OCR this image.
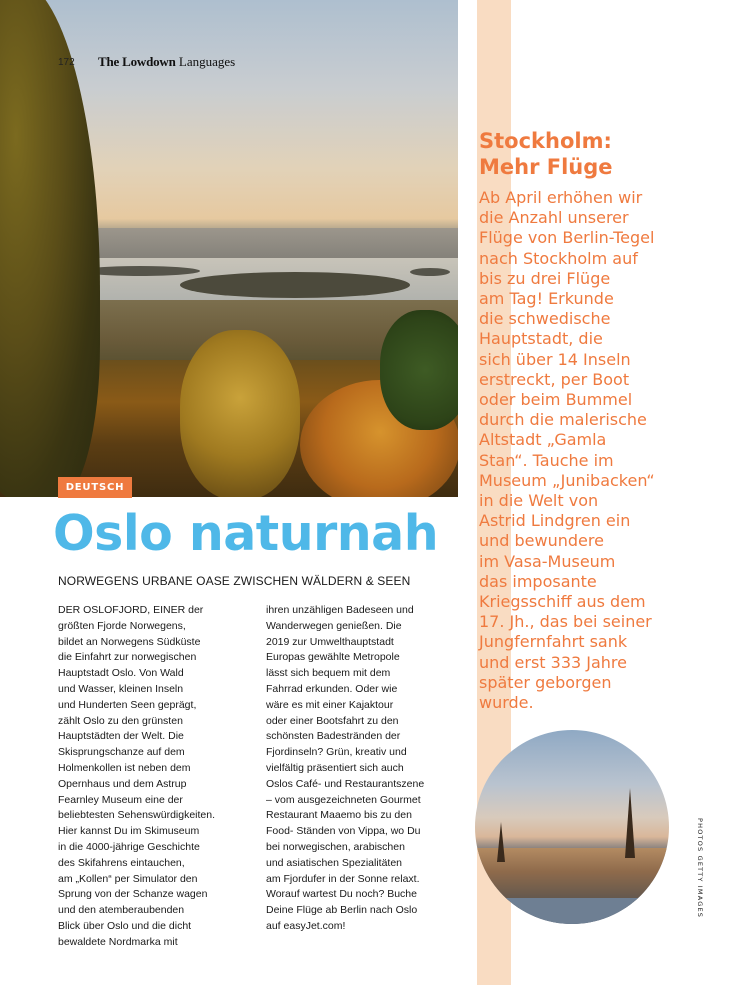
172 The Lowdown Languages
DEUTSCH
Oslo naturnah
NORWEGENS URBANE OASE ZWISCHEN WÄLDERN & SEEN
DER OSLOFJORD, EINER der
größten Fjorde Norwegens,
bildet an Norwegens Südküste
die Einfahrt zur norwegischen
Hauptstadt Oslo. Von Wald
und Wasser, kleinen Inseln
und Hunderten Seen geprägt,
zählt Oslo zu den grünsten
Hauptstädten der Welt. Die
Skisprungschanze auf dem
Holmenkollen ist neben dem
Opernhaus und dem Astrup
Fearnley Museum eine der
beliebtesten Sehenswürdigkeiten.
Hier kannst Du im Skimuseum
in die 4000-jährige Geschichte
des Skifahrens eintauchen,
am „Kollen“ per Simulator den
Sprung von der Schanze wagen
und den atemberaubenden
Blick über Oslo und die dicht
bewaldete Nordmarka mit
ihren unzähligen Badeseen und
Wanderwegen genießen. Die
2019 zur Umwelthauptstadt
Europas gewählte Metropole
lässt sich bequem mit dem
Fahrrad erkunden. Oder wie
wäre es mit einer Kajaktour
oder einer Bootsfahrt zu den
schönsten Badestränden der
Fjordinseln? Grün, kreativ und
vielfältig präsentiert sich auch
Oslos Café- und Restaurantszene
– vom ausgezeichneten Gourmet
Restaurant Maaemo bis zu den
Food- Ständen von Vippa, wo Du
bei norwegischen, arabischen
und asiatischen Spezialitäten
am Fjordufer in der Sonne relaxt.
Worauf wartest Du noch? Buche
Deine Flüge ab Berlin nach Oslo
auf easyJet.com!
Stockholm:
Mehr Flüge
Ab April erhöhen wir
die Anzahl unserer
Flüge von Berlin-Tegel
nach Stockholm auf
bis zu drei Flüge
am Tag! Erkunde
die schwedische
Hauptstadt, die
sich über 14 Inseln
erstreckt, per Boot
oder beim Bummel
durch die malerische
Altstadt „Gamla
Stan“. Tauche im
Museum „Junibacken“
in die Welt von
Astrid Lindgren ein
und bewundere
im Vasa-Museum
das imposante
Kriegsschiff aus dem
17. Jh., das bei seiner
Jungfernfahrt sank
und erst 333 Jahre
später geborgen
wurde.
PHOTOS GETTY IMAGES
